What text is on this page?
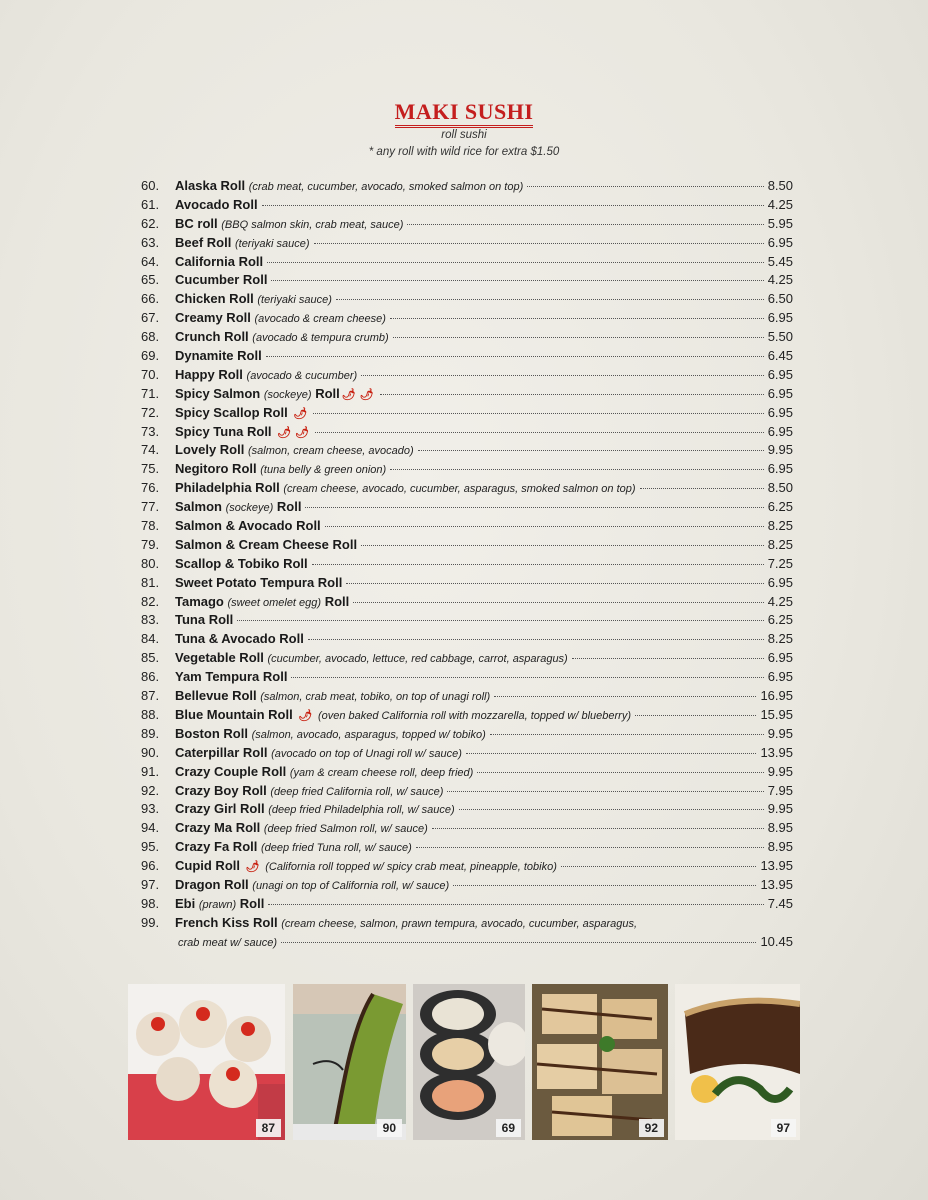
MAKI SUSHI
roll sushi
* any roll with wild rice for extra $1.50
60.	Alaska Roll (crab meat, cucumber, avocado, smoked salmon on top)	8.50
61.	Avocado Roll	4.25
62.	BC roll (BBQ salmon skin, crab meat, sauce)	5.95
63.	Beef Roll (teriyaki sauce)	6.95
64.	California Roll	5.45
65.	Cucumber Roll	4.25
66.	Chicken Roll (teriyaki sauce)	6.50
67.	Creamy Roll (avocado & cream cheese)	6.95
68.	Crunch Roll (avocado & tempura crumb)	5.50
69.	Dynamite Roll	6.45
70.	Happy Roll (avocado & cucumber)	6.95
71.	Spicy Salmon (sockeye) Roll 🌶 🌶	6.95
72.	Spicy Scallop Roll 🌶	6.95
73.	Spicy Tuna Roll 🌶 🌶	6.95
74.	Lovely Roll (salmon, cream cheese, avocado)	9.95
75.	Negitoro Roll (tuna belly & green onion)	6.95
76.	Philadelphia Roll (cream cheese, avocado, cucumber, asparagus, smoked salmon on top)	8.50
77.	Salmon (sockeye) Roll	6.25
78.	Salmon & Avocado Roll	8.25
79.	Salmon & Cream Cheese Roll	8.25
80.	Scallop & Tobiko Roll	7.25
81.	Sweet Potato Tempura Roll	6.95
82.	Tamago (sweet omelet egg) Roll	4.25
83.	Tuna Roll	6.25
84.	Tuna & Avocado Roll	8.25
85.	Vegetable Roll (cucumber, avocado, lettuce, red cabbage, carrot, asparagus)	6.95
86.	Yam Tempura Roll	6.95
87.	Bellevue Roll (salmon, crab meat, tobiko, on top of unagi roll)	16.95
88.	Blue Mountain Roll 🌶 (oven baked California roll with mozzarella, topped w/ blueberry)	15.95
89.	Boston Roll (salmon, avocado, asparagus, topped w/ tobiko)	9.95
90.	Caterpillar Roll (avocado on top of Unagi roll w/ sauce)	13.95
91.	Crazy Couple Roll (yam & cream cheese roll, deep fried)	9.95
92.	Crazy Boy Roll (deep fried California roll, w/ sauce)	7.95
93.	Crazy Girl Roll (deep fried Philadelphia roll, w/ sauce)	9.95
94.	Crazy Ma Roll (deep fried Salmon roll, w/ sauce)	8.95
95.	Crazy Fa Roll (deep fried Tuna roll, w/ sauce)	8.95
96.	Cupid Roll 🌶 (California roll topped w/ spicy crab meat, pineapple, tobiko)	13.95
97.	Dragon Roll (unagi on top of California roll, w/ sauce)	13.95
98.	Ebi (prawn) Roll	7.45
99.	French Kiss Roll (cream cheese, salmon, prawn tempura, avocado, cucumber, asparagus,
crab meat w/ sauce)	10.45
87	90	69	92	97
